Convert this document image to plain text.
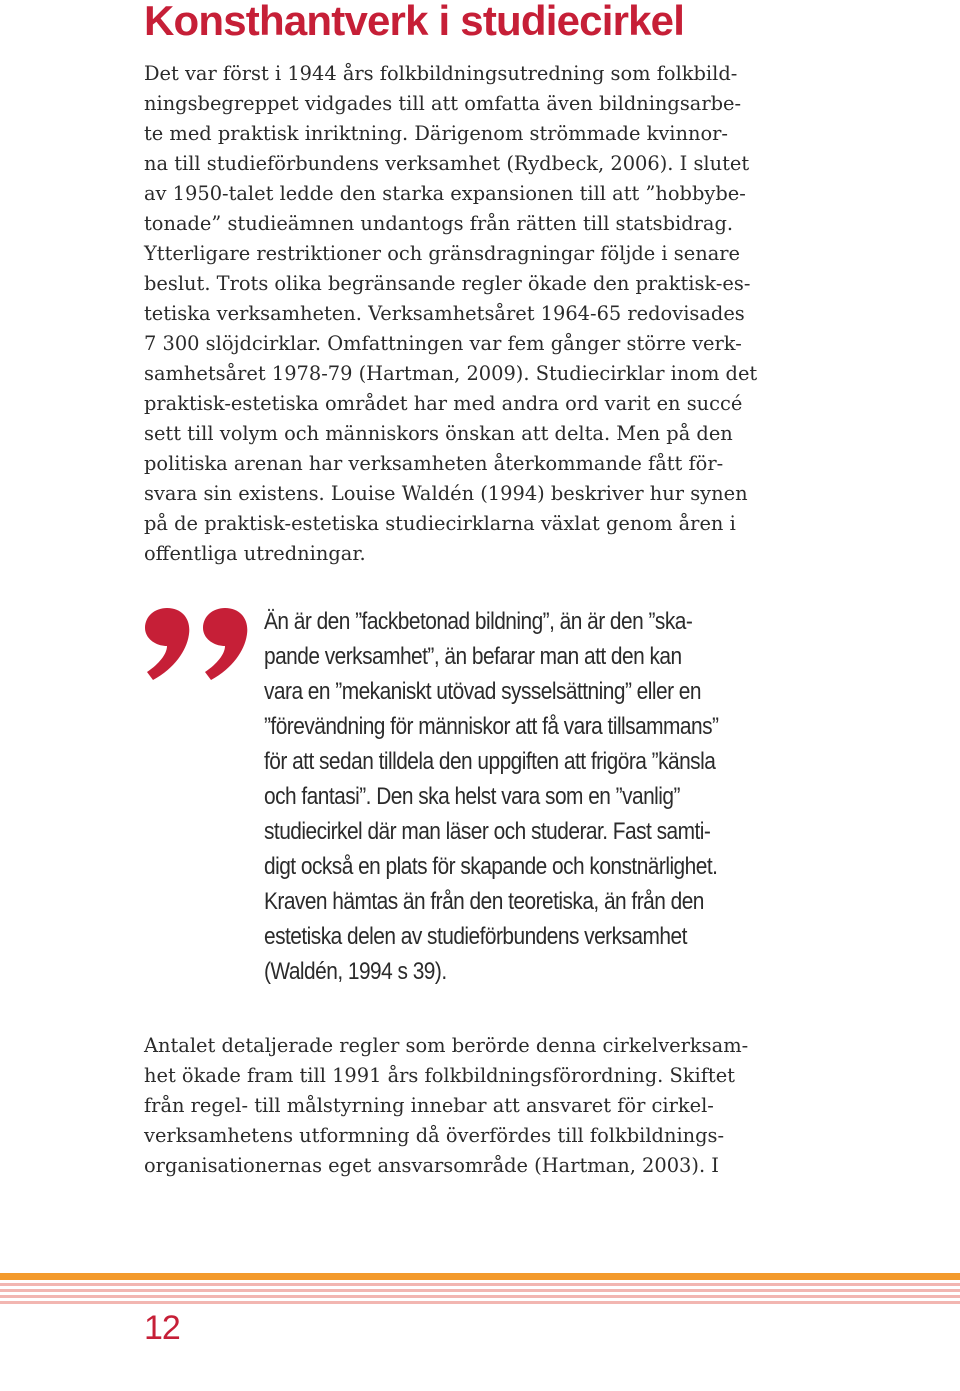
Konsthantverk i studiecirkel
Det var först i 1944 års folkbildningsutredning som folkbild-
ningsbegreppet vidgades till att omfatta även bildningsarbe-
te med praktisk inriktning. Därigenom strömmade kvinnor-
na till studieförbundens verksamhet (Rydbeck, 2006). I slutet
av 1950-talet ledde den starka expansionen till att ”hobbybe-
tonade” studieämnen undantogs från rätten till statsbidrag.
Ytterligare restriktioner och gränsdragningar följde i senare
beslut. Trots olika begränsande regler ökade den praktisk-es-
tetiska verksamheten. Verksamhetsåret 1964-65 redovisades
7 300 slöjdcirklar. Omfattningen var fem gånger större verk-
samhetsåret 1978-79 (Hartman, 2009). Studiecirklar inom det
praktisk-estetiska området har med andra ord varit en succé
sett till volym och människors önskan att delta. Men på den
politiska arenan har verksamheten återkommande fått för-
svara sin existens. Louise Waldén (1994) beskriver hur synen
på de praktisk-estetiska studiecirklarna växlat genom åren i
offentliga utredningar.
Än är den ”fackbetonad bildning”, än är den ”ska-
pande verksamhet”, än befarar man att den kan
vara en ”mekaniskt utövad sysselsättning” eller en
”förevändning för människor att få vara tillsammans”
för att sedan tilldela den uppgiften att frigöra ”känsla
och fantasi”. Den ska helst vara som en ”vanlig”
studiecirkel där man läser och studerar. Fast samti-
digt också en plats för skapande och konstnärlighet.
Kraven hämtas än från den teoretiska, än från den
estetiska delen av studieförbundens verksamhet
(Waldén, 1994 s 39).
Antalet detaljerade regler som berörde denna cirkelverksam-
het ökade fram till 1991 års folkbildningsförordning. Skiftet
från regel- till målstyrning innebar att ansvaret för cirkel-
verksamhetens utformning då överfördes till folkbildnings-
organisationernas eget ansvarsområde (Hartman, 2003). I
12
